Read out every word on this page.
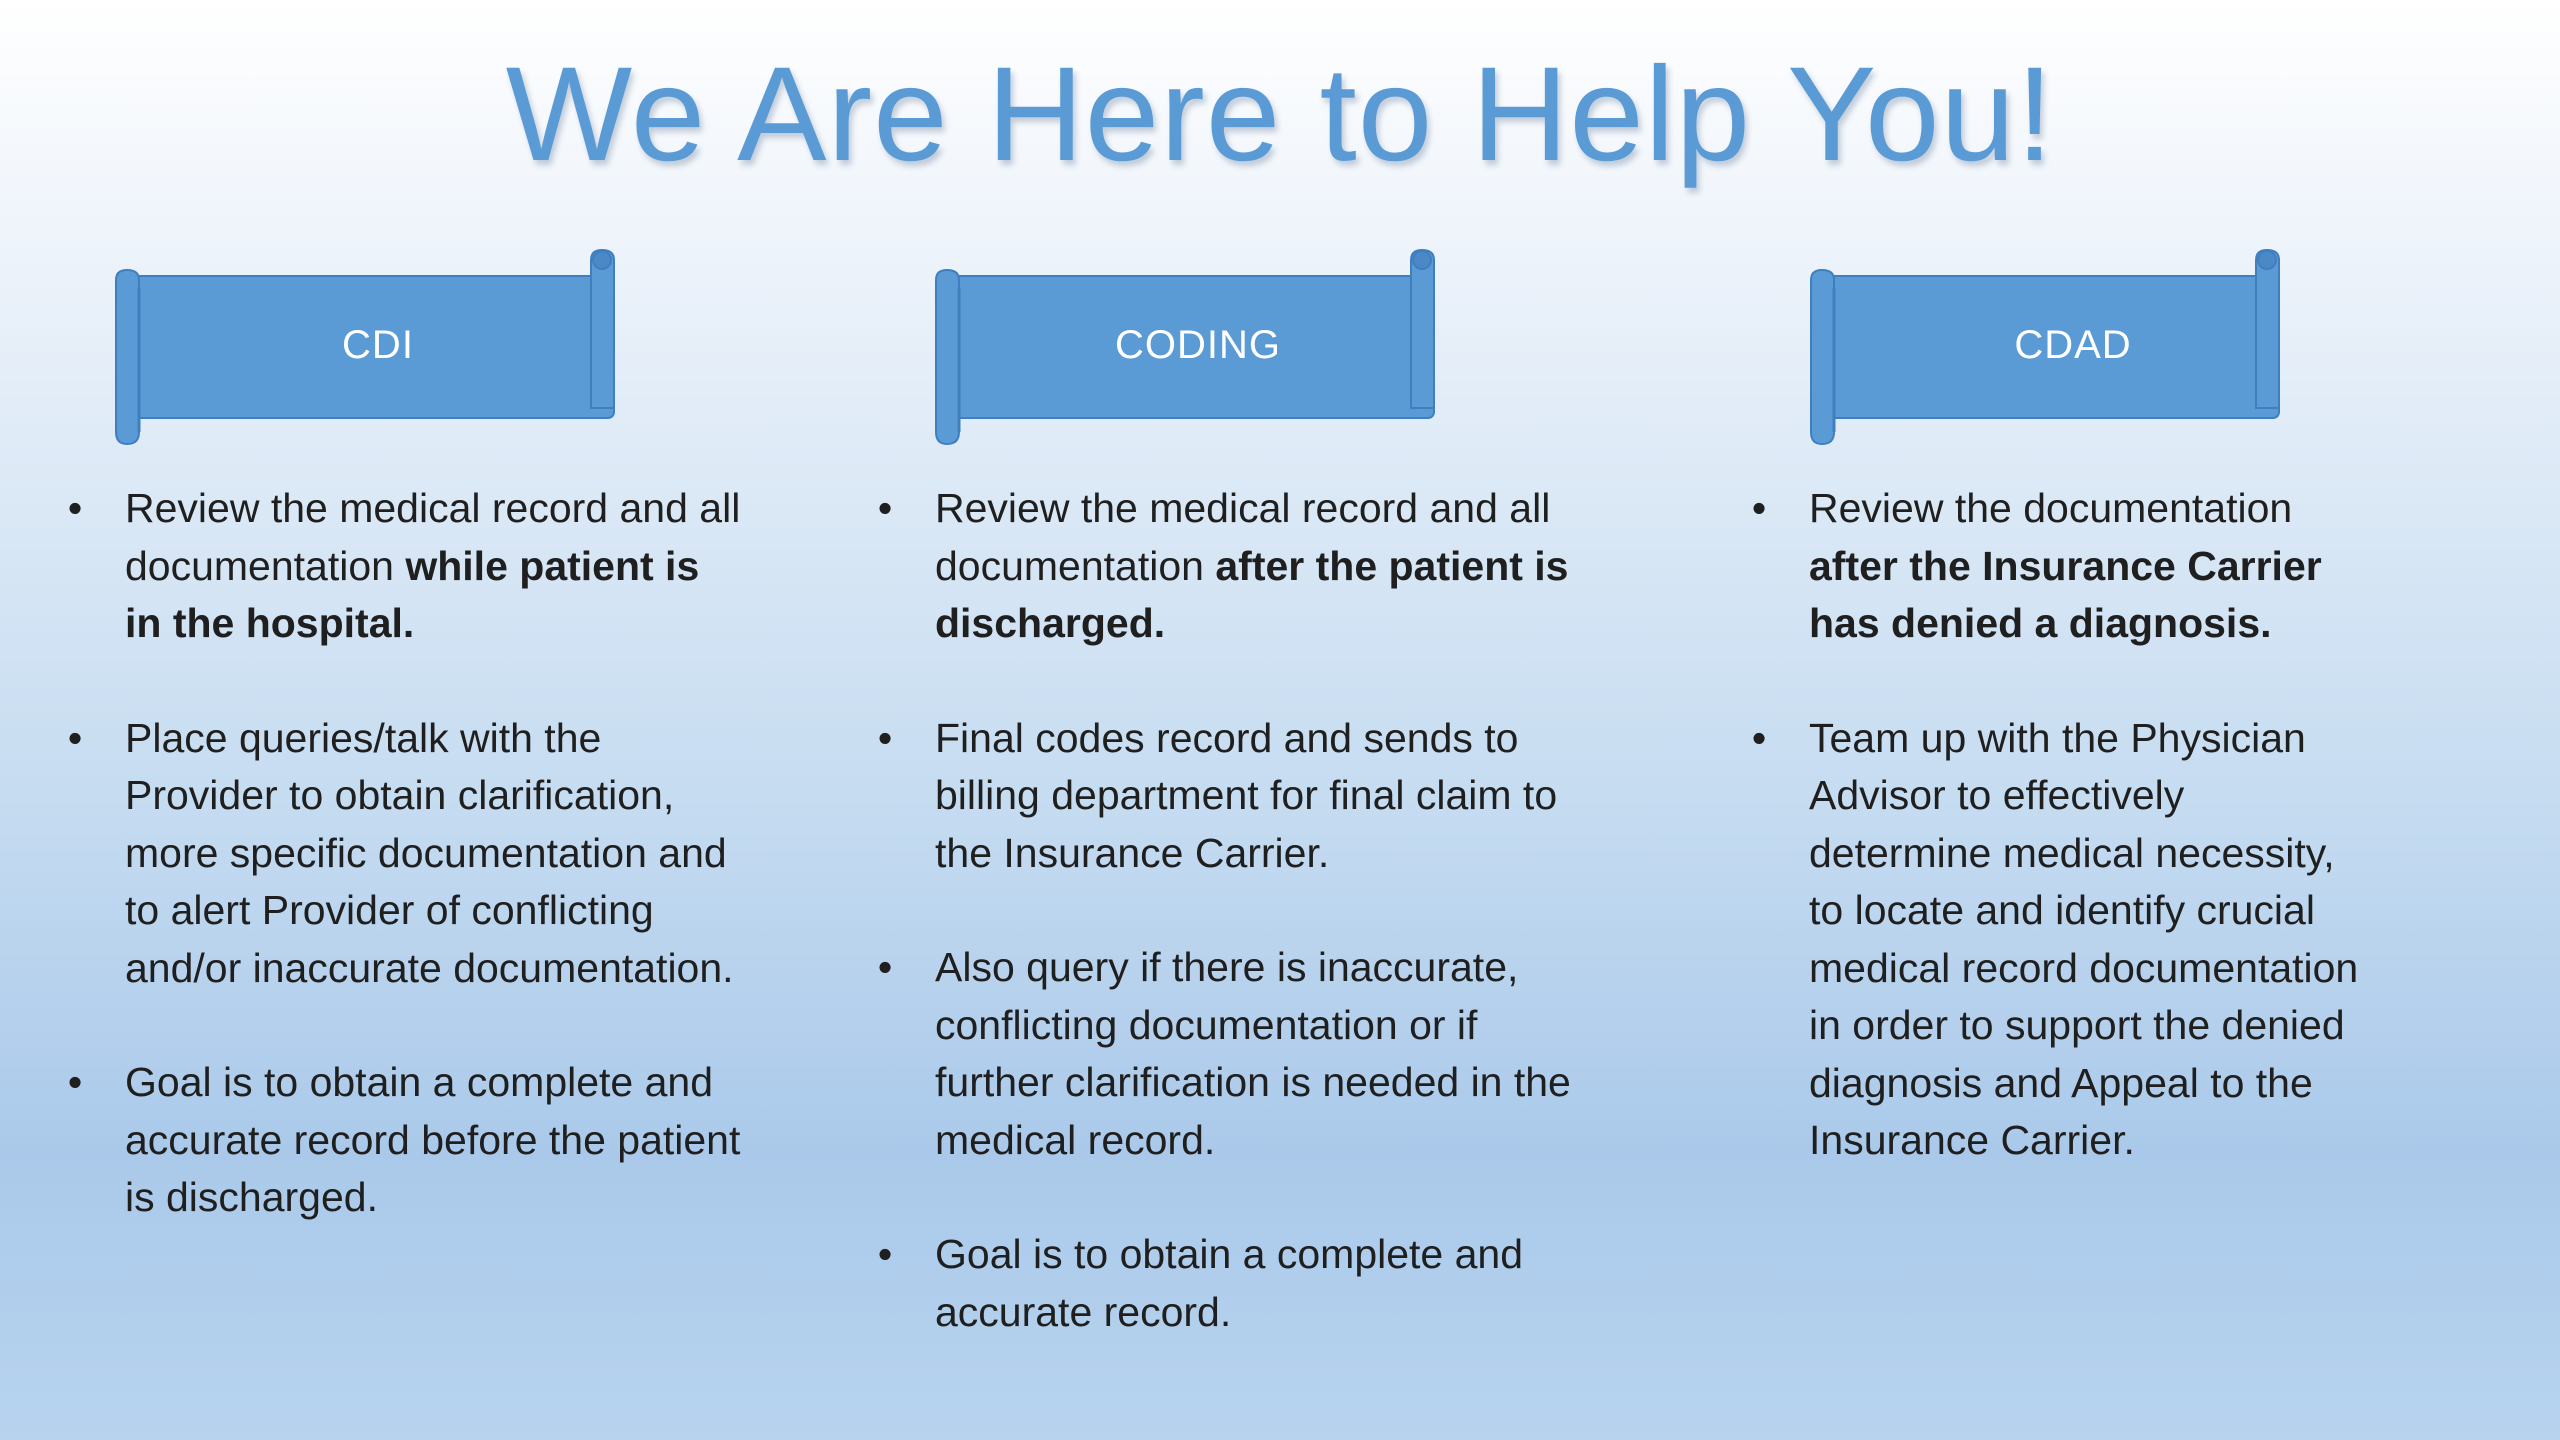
We Are Here to Help You!
CDI
• Review the medical record and all documentation while patient is in the hospital.
• Place queries/talk with the Provider to obtain clarification, more specific documentation and to alert Provider of conflicting and/or inaccurate documentation.
• Goal is to obtain a complete and accurate record before the patient is discharged.
CODING
• Review the medical record and all documentation after the patient is discharged.
• Final codes record and sends to billing department for final claim to the Insurance Carrier.
• Also query if there is inaccurate, conflicting documentation or if further clarification is needed in the medical record.
• Goal is to obtain a complete and accurate record.
CDAD
• Review the documentation after the Insurance Carrier has denied a diagnosis.
• Team up with the Physician Advisor to effectively determine medical necessity, to locate and identify crucial medical record documentation in order to support the denied diagnosis and Appeal to the Insurance Carrier.
